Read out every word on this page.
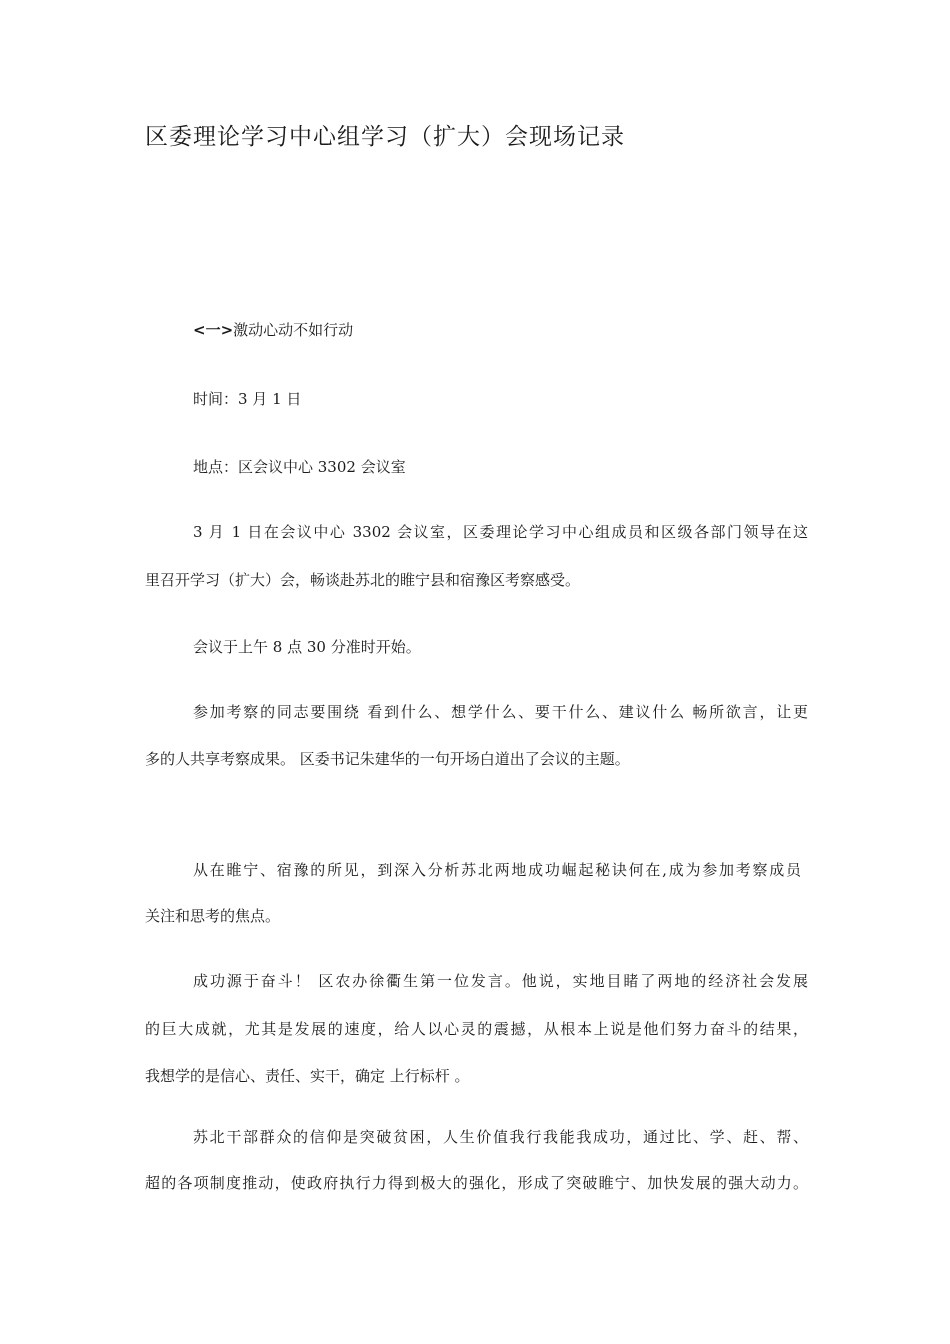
区委理论学习中心组学习（扩大）会现场记录

<一>激动心动不如行动

时间：3 月 1 日

地点：区会议中心 3302 会议室

3 月 1 日在会议中心 3302 会议室，区委理论学习中心组成员和区级各部门领导在这

里召开学习（扩大）会，畅谈赴苏北的睢宁县和宿豫区考察感受。

会议于上午 8 点 30 分准时开始。

参加考察的同志要围绕 看到什么、想学什么、要干什么、建议什么 畅所欲言，让更

多的人共享考察成果。 区委书记朱建华的一句开场白道出了会议的主题。

从在睢宁、宿豫的所见，到深入分析苏北两地成功崛起秘诀何在,成为参加考察成员

关注和思考的焦点。

成功源于奋斗！ 区农办徐衢生第一位发言。他说，实地目睹了两地的经济社会发展

的巨大成就，尤其是发展的速度，给人以心灵的震撼，从根本上说是他们努力奋斗的结果，

我想学的是信心、责任、实干，确定 上行标杆 。

苏北干部群众的信仰是突破贫困，人生价值我行我能我成功，通过比、学、赶、帮、

超的各项制度推动，使政府执行力得到极大的强化，形成了突破睢宁、加快发展的强大动力。
